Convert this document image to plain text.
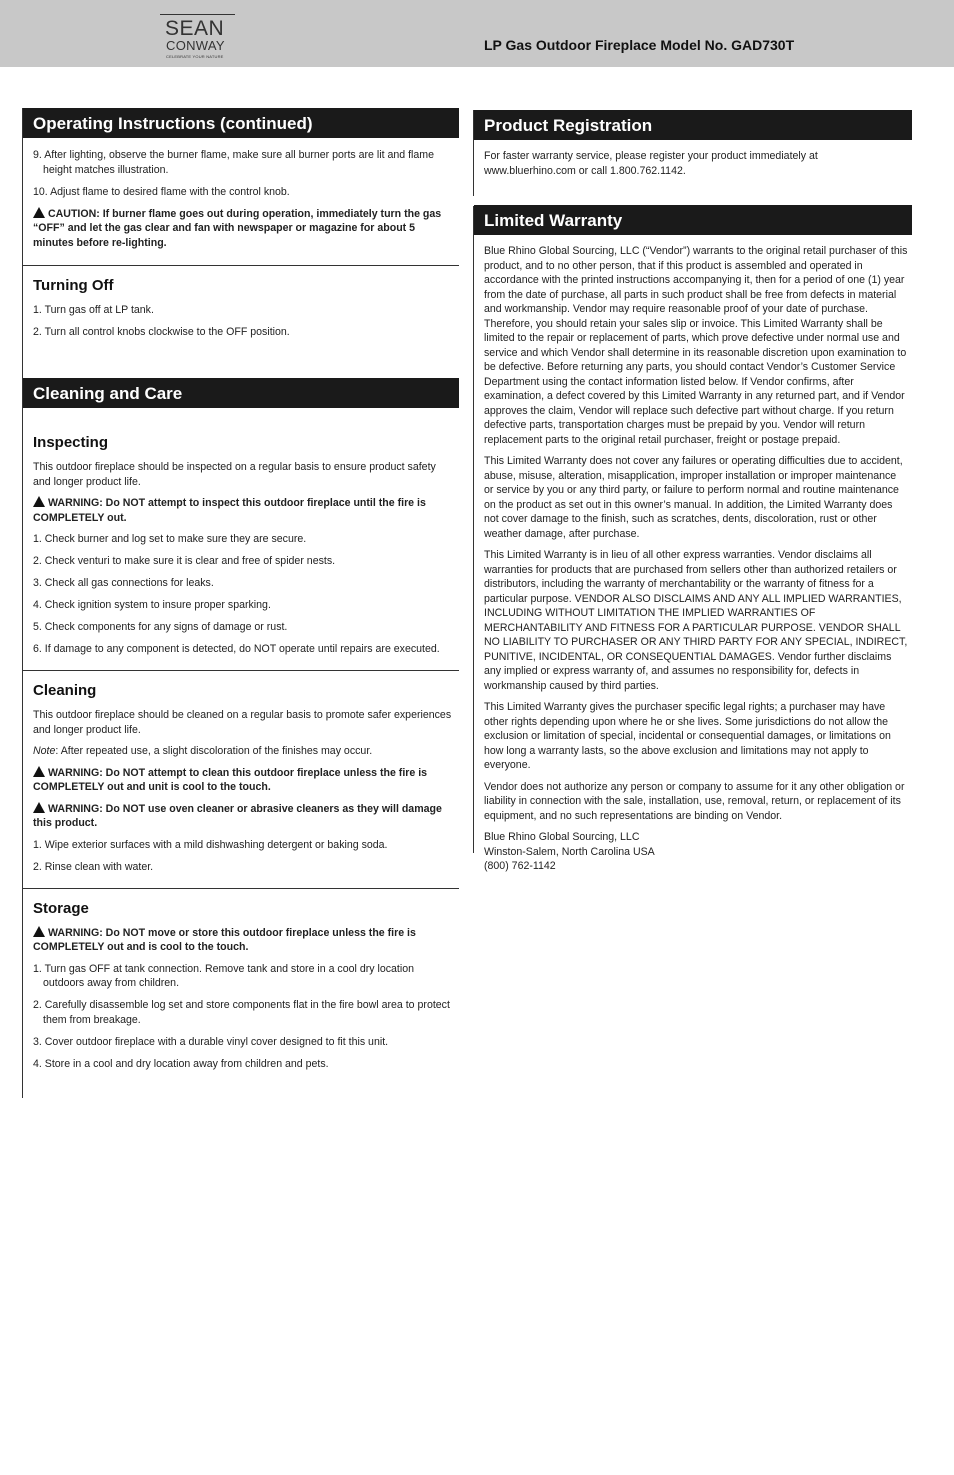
SEAN
CONWAY
CELEBRATE YOUR NATURE
LP Gas Outdoor Fireplace Model No. GAD730T
Operating Instructions (continued)
9. After lighting, observe the burner flame, make sure all burner ports are lit and flame height matches illustration.
10. Adjust flame to desired flame with the control knob.

CAUTION: If burner flame goes out during operation, immediately turn the gas “OFF” and let the gas clear and fan with newspaper or magazine for about 5 minutes before re-lighting.

Turning Off
1. Turn gas off at LP tank.
2. Turn all control knobs clockwise to the OFF position.
Cleaning and Care
Inspecting

This outdoor fireplace should be inspected on a regular basis to ensure product safety and longer product life.

WARNING: Do NOT attempt to inspect this outdoor fireplace until the fire is COMPLETELY out.

1. Check burner and log set to make sure they are secure.
2. Check venturi to make sure it is clear and free of spider nests.
3. Check all gas connections for leaks.
4. Check ignition system to insure proper sparking.
5. Check components for any signs of damage or rust.
6. If damage to any component is detected, do NOT operate until repairs are executed.
Cleaning

This outdoor fireplace should be cleaned on a regular basis to promote safer experiences and longer product life.

Note: After repeated use, a slight discoloration of the finishes may occur.

WARNING: Do NOT attempt to clean this outdoor fireplace unless the fire is COMPLETELY out and unit is cool to the touch.

WARNING: Do NOT use oven cleaner or abrasive cleaners as they will damage this product.

1. Wipe exterior surfaces with a mild dishwashing detergent or baking soda.
2. Rinse clean with water.
Storage

WARNING: Do NOT move or store this outdoor fireplace unless the fire is COMPLETELY out and is cool to the touch.

1. Turn gas OFF at tank connection. Remove tank and store in a cool dry location outdoors away from children.
2. Carefully disassemble log set and store components flat in the fire bowl area to protect them from breakage.
3. Cover outdoor fireplace with a durable vinyl cover designed to fit this unit.
4. Store in a cool and dry location away from children and pets.
Product Registration

For faster warranty service, please register your product immediately at www.bluerhino.com or call 1.800.762.1142.

Limited Warranty

Blue Rhino Global Sourcing, LLC (“Vendor”) warrants to the original retail purchaser of this product, and to no other person, that if this product is assembled and operated in accordance with the printed instructions accompanying it, then for a period of one (1) year from the date of purchase, all parts in such product shall be free from defects in material and workmanship. Vendor may require reasonable proof of your date of purchase. Therefore, you should retain your sales slip or invoice. This Limited Warranty shall be limited to the repair or replacement of parts, which prove defective under normal use and service and which Vendor shall determine in its reasonable discretion upon examination to be defective. Before returning any parts, you should contact Vendor’s Customer Service Department using the contact information listed below. If Vendor confirms, after examination, a defect covered by this Limited Warranty in any returned part, and if Vendor approves the claim, Vendor will replace such defective part without charge. If you return defective parts, transportation charges must be prepaid by you. Vendor will return replacement parts to the original retail purchaser, freight or postage prepaid.

This Limited Warranty does not cover any failures or operating difficulties due to accident, abuse, misuse, alteration, misapplication, improper installation or improper maintenance or service by you or any third party, or failure to perform normal and routine maintenance on the product as set out in this owner’s manual. In addition, the Limited Warranty does not cover damage to the finish, such as scratches, dents, discoloration, rust or other weather damage, after purchase.

This Limited Warranty is in lieu of all other express warranties. Vendor disclaims all warranties for products that are purchased from sellers other than authorized retailers or distributors, including the warranty of merchantability or the warranty of fitness for a particular purpose. VENDOR ALSO DISCLAIMS AND ANY ALL IMPLIED WARRANTIES, INCLUDING WITHOUT LIMITATION THE IMPLIED WARRANTIES OF MERCHANTABILITY AND FITNESS FOR A PARTICULAR PURPOSE. VENDOR SHALL NO LIABILITY TO PURCHASER OR ANY THIRD PARTY FOR ANY SPECIAL, INDIRECT, PUNITIVE, INCIDENTAL, OR CONSEQUENTIAL DAMAGES. Vendor further disclaims any implied or express warranty of, and assumes no responsibility for, defects in workmanship caused by third parties.

This Limited Warranty gives the purchaser specific legal rights; a purchaser may have other rights depending upon where he or she lives. Some jurisdictions do not allow the exclusion or limitation of special, incidental or consequential damages, or limitations on how long a warranty lasts, so the above exclusion and limitations may not apply to everyone.

Vendor does not authorize any person or company to assume for it any other obligation or liability in connection with the sale, installation, use, removal, return, or replacement of its equipment, and no such representations are binding on Vendor.

Blue Rhino Global Sourcing, LLC
Winston-Salem, North Carolina USA
(800) 762-1142
